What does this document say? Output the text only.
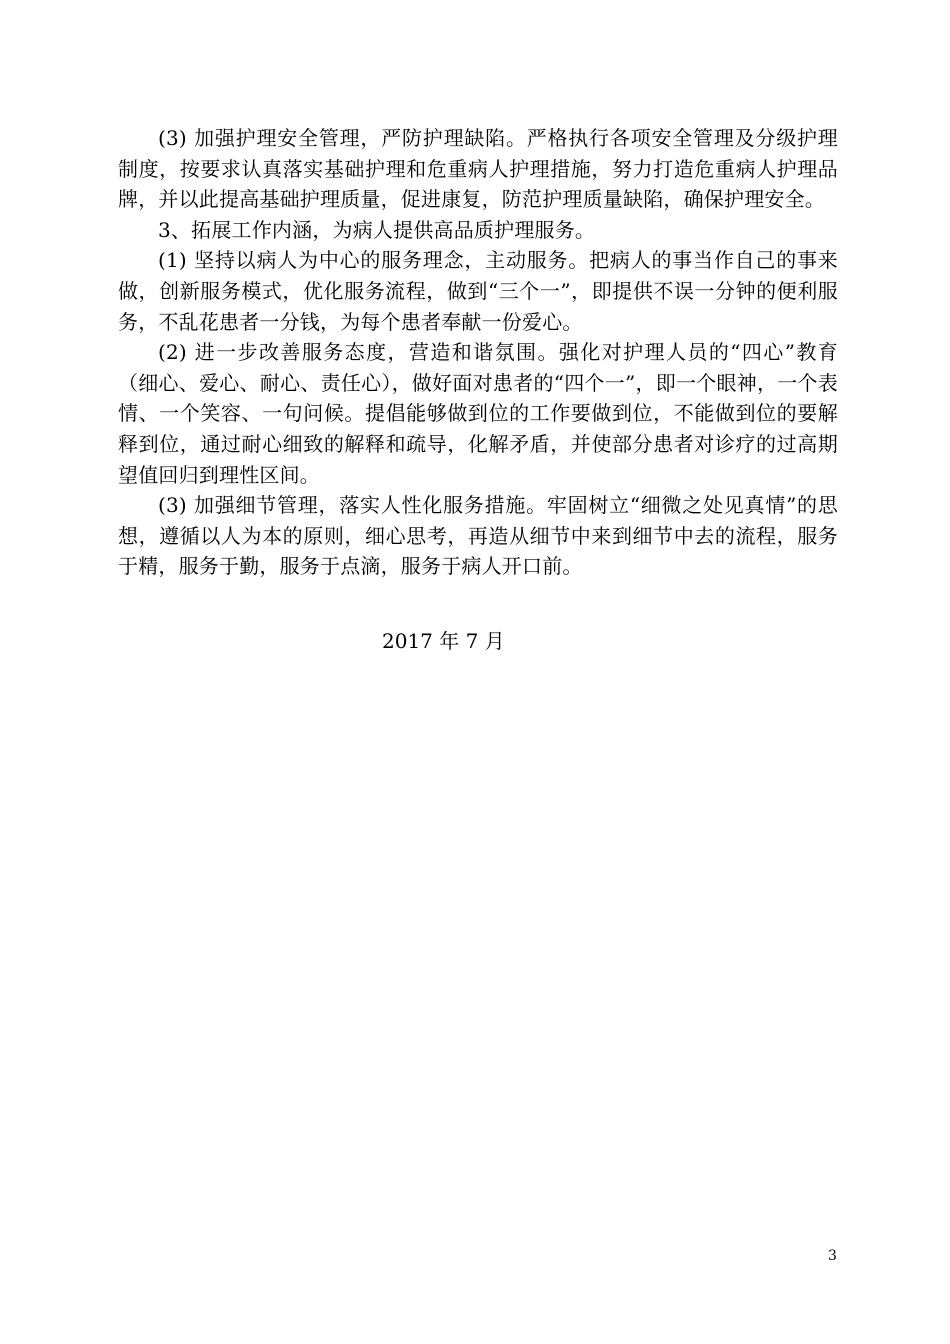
(3) 加强护理安全管理，严防护理缺陷。严格执行各项安全管理及分级护理制度，按要求认真落实基础护理和危重病人护理措施，努力打造危重病人护理品牌，并以此提高基础护理质量，促进康复，防范护理质量缺陷，确保护理安全。

3、拓展工作内涵，为病人提供高品质护理服务。

(1) 坚持以病人为中心的服务理念，主动服务。把病人的事当作自己的事来做，创新服务模式，优化服务流程，做到“三个一”，即提供不误一分钟的便利服务，不乱花患者一分钱，为每个患者奉献一份爱心。

(2) 进一步改善服务态度，营造和谐氛围。强化对护理人员的“四心”教育（细心、爱心、耐心、责任心），做好面对患者的“四个一”，即一个眼神，一个表情、一个笑容、一句问候。提倡能够做到位的工作要做到位，不能做到位的要解释到位，通过耐心细致的解释和疏导，化解矛盾，并使部分患者对诊疗的过高期望值回归到理性区间。

(3) 加强细节管理，落实人性化服务措施。牢固树立“细微之处见真情”的思想，遵循以人为本的原则，细心思考，再造从细节中来到细节中去的流程，服务于精，服务于勤，服务于点滴，服务于病人开口前。

2017 年 7 月
3
